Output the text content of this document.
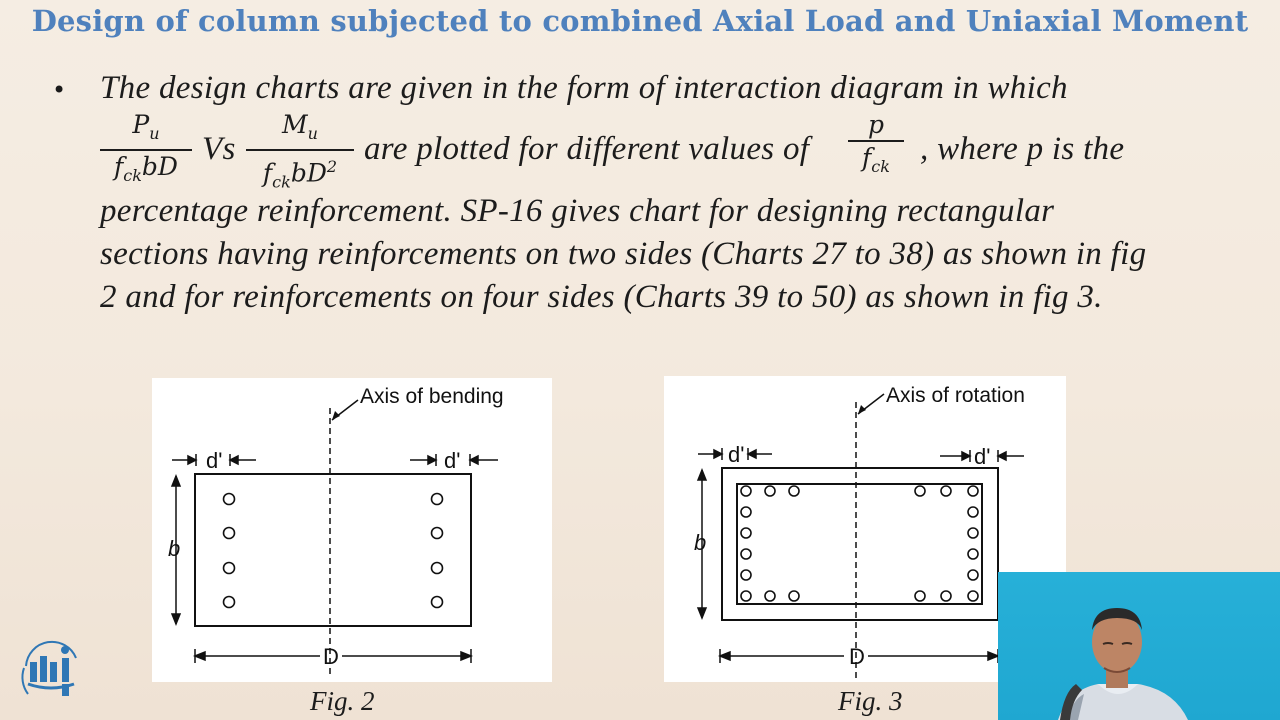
Design of column subjected to combined Axial Load and Uniaxial Moment
• The design charts are given in the form of interaction diagram in which
$P_u$
$f_{ck}bD$ Vs
$M_u$
$f_{ck}bD^2$ are plotted for different values of
p
$f_{ck}$ , where p is the
percentage reinforcement. SP-16 gives chart for designing rectangular
sections having reinforcements on two sides (Charts 27 to 38) as shown in fig
2 and for reinforcements on four sides (Charts 39 to 50) as shown in fig 3.
Axis of bending
d'	d'
b
D
Fig. 2
Axis of rotation
d'	d'
b
D
Fig. 3
